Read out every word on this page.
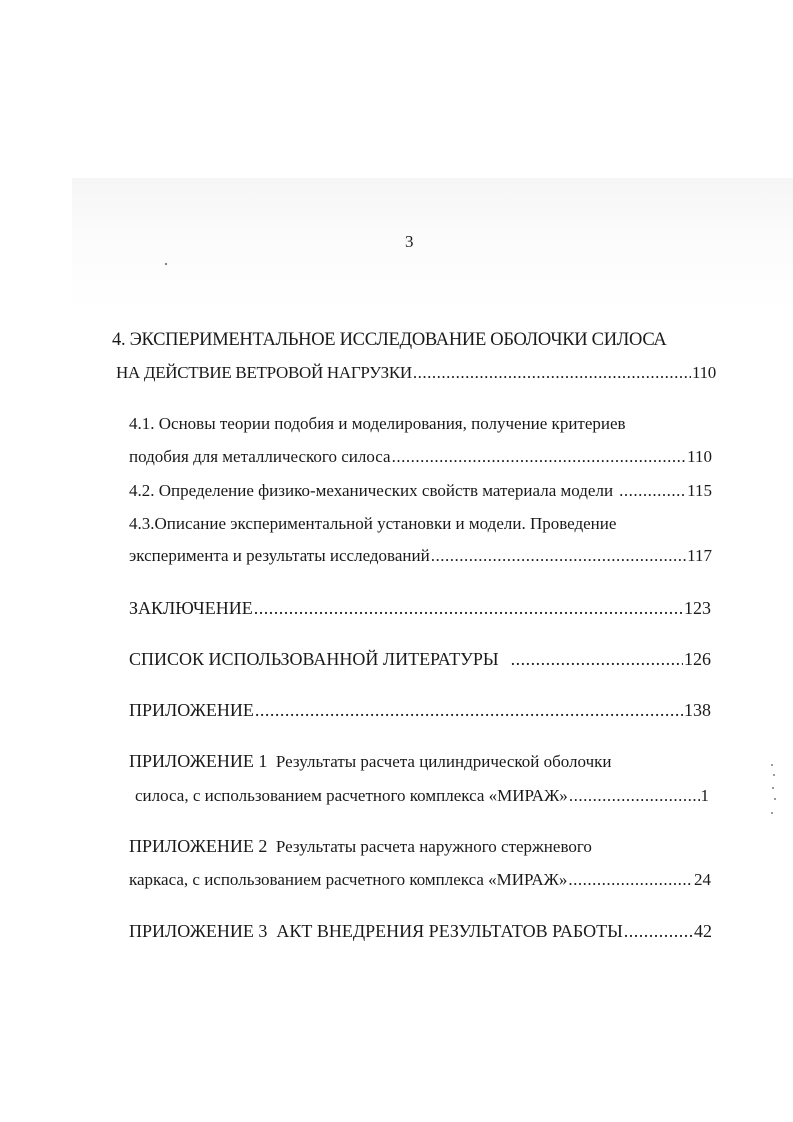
3
4. ЭКСПЕРИМЕНТАЛЬНОЕ ИССЛЕДОВАНИЕ ОБОЛОЧКИ СИЛОСА
НА ДЕЙСТВИЕ ВЕТРОВОЙ НАГРУЗКИ .....	110
4.1. Основы теории подобия и моделирования, получение критериев
подобия для металлического силоса .....	110
4.2. Определение физико-механических свойств материала модели .....	115
4.3.Описание экспериментальной установки и модели. Проведение
эксперимента и результаты исследований .....	117
ЗАКЛЮЧЕНИЕ .....	123
СПИСОК ИСПОЛЬЗОВАННОЙ ЛИТЕРАТУРЫ .....	126
ПРИЛОЖЕНИЕ .....	138
ПРИЛОЖЕНИЕ 1 Результаты расчета цилиндрической оболочки
силоса, с использованием расчетного комплекса «МИРАЖ» .....	1
ПРИЛОЖЕНИЕ 2 Результаты расчета наружного стержневого
каркаса, с использованием расчетного комплекса «МИРАЖ» .....	24
ПРИЛОЖЕНИЕ 3 АКТ ВНЕДРЕНИЯ РЕЗУЛЬТАТОВ РАБОТЫ .....	42
